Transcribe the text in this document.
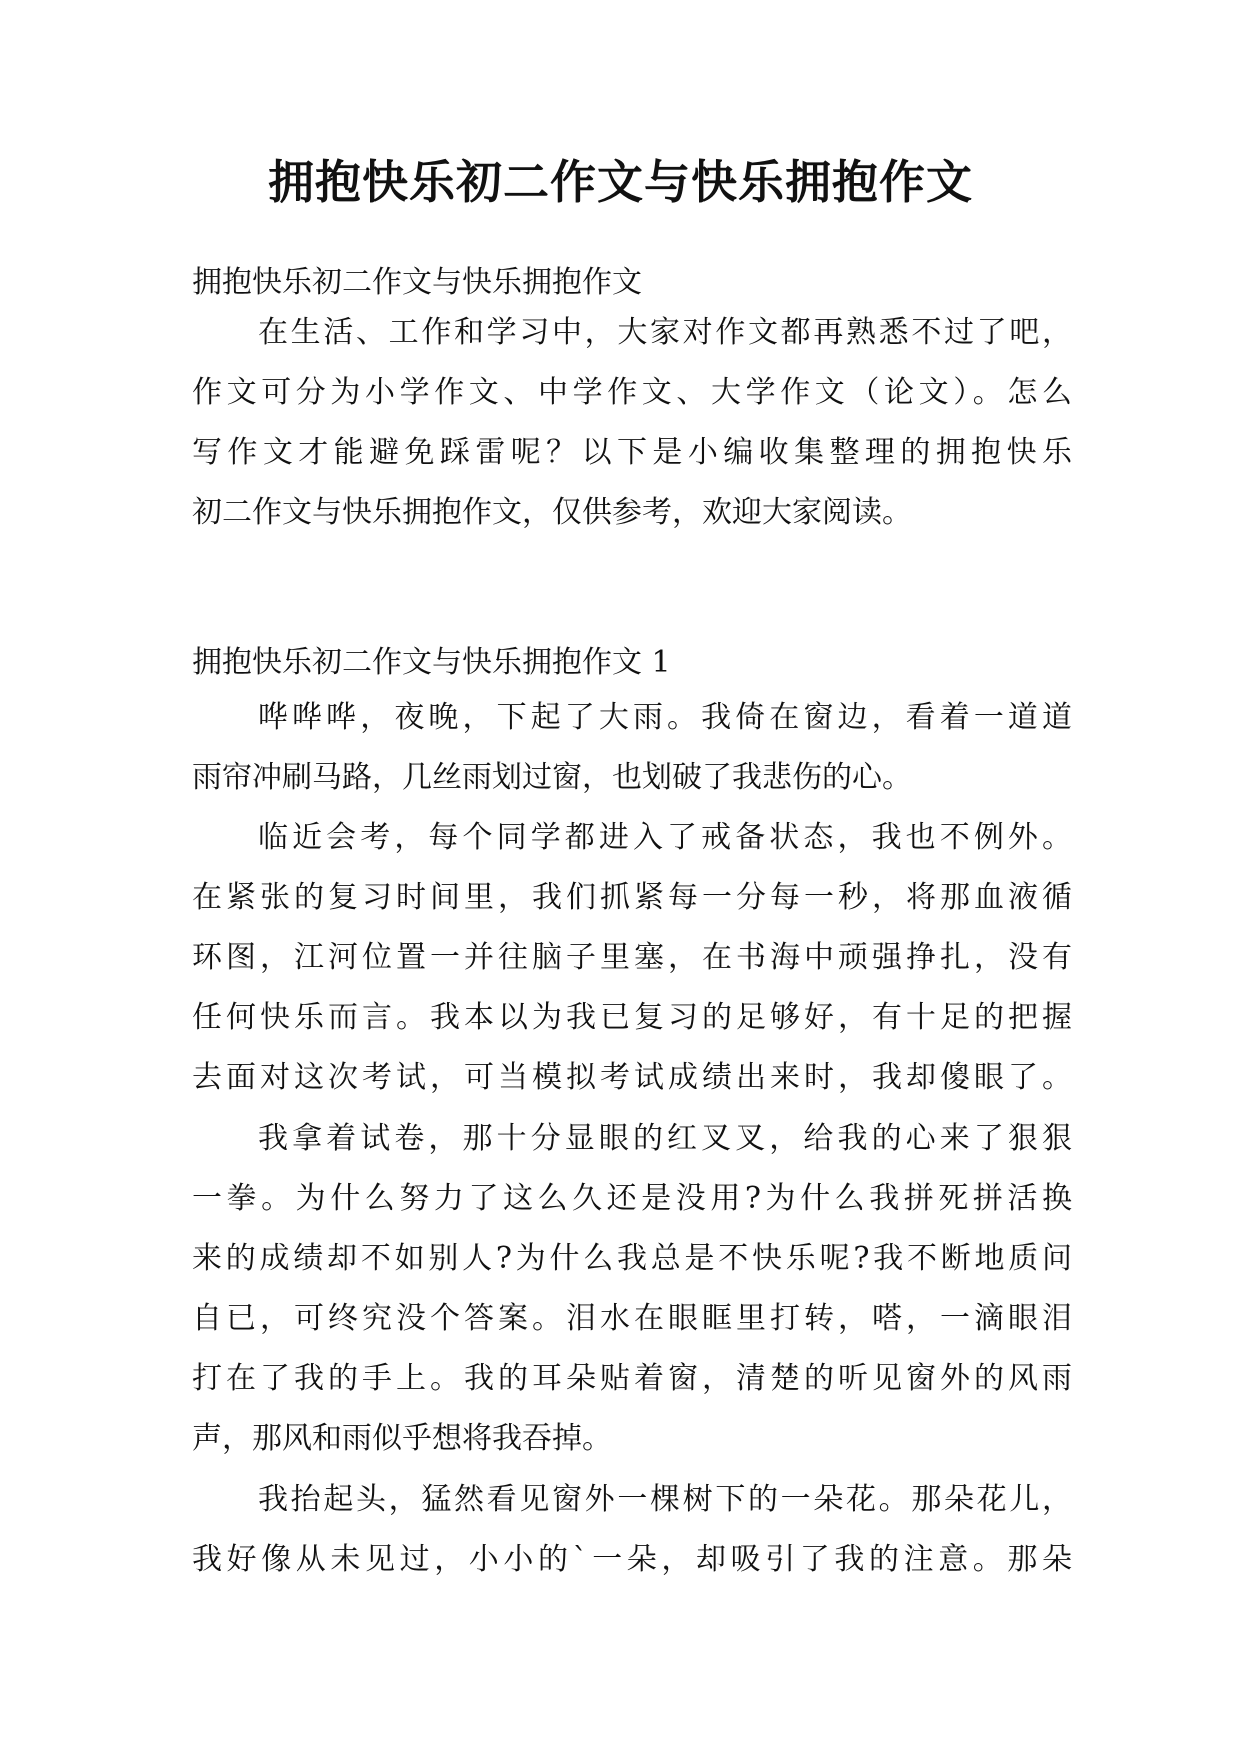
拥抱快乐初二作文与快乐拥抱作文
拥抱快乐初二作文与快乐拥抱作文
在生活、工作和学习中，大家对作文都再熟悉不过了吧，
作文可分为小学作文、中学作文、大学作文（论文）。怎么
写作文才能避免踩雷呢？以下是小编收集整理的拥抱快乐
初二作文与快乐拥抱作文，仅供参考，欢迎大家阅读。
拥抱快乐初二作文与快乐拥抱作文 1
哗哗哗，夜晚，下起了大雨。我倚在窗边，看着一道道
雨帘冲刷马路，几丝雨划过窗，也划破了我悲伤的心。
临近会考，每个同学都进入了戒备状态，我也不例外。
在紧张的复习时间里，我们抓紧每一分每一秒，将那血液循
环图，江河位置一并往脑子里塞，在书海中顽强挣扎，没有
任何快乐而言。我本以为我已复习的足够好，有十足的把握
去面对这次考试，可当模拟考试成绩出来时，我却傻眼了。
我拿着试卷，那十分显眼的红叉叉，给我的心来了狠狠
一拳。为什么努力了这么久还是没用?为什么我拼死拼活换
来的成绩却不如别人?为什么我总是不快乐呢?我不断地质问
自已，可终究没个答案。泪水在眼眶里打转，嗒，一滴眼泪
打在了我的手上。我的耳朵贴着窗，清楚的听见窗外的风雨
声，那风和雨似乎想将我吞掉。
我抬起头，猛然看见窗外一棵树下的一朵花。那朵花儿，
我好像从未见过，小小的`一朵，却吸引了我的注意。那朵
